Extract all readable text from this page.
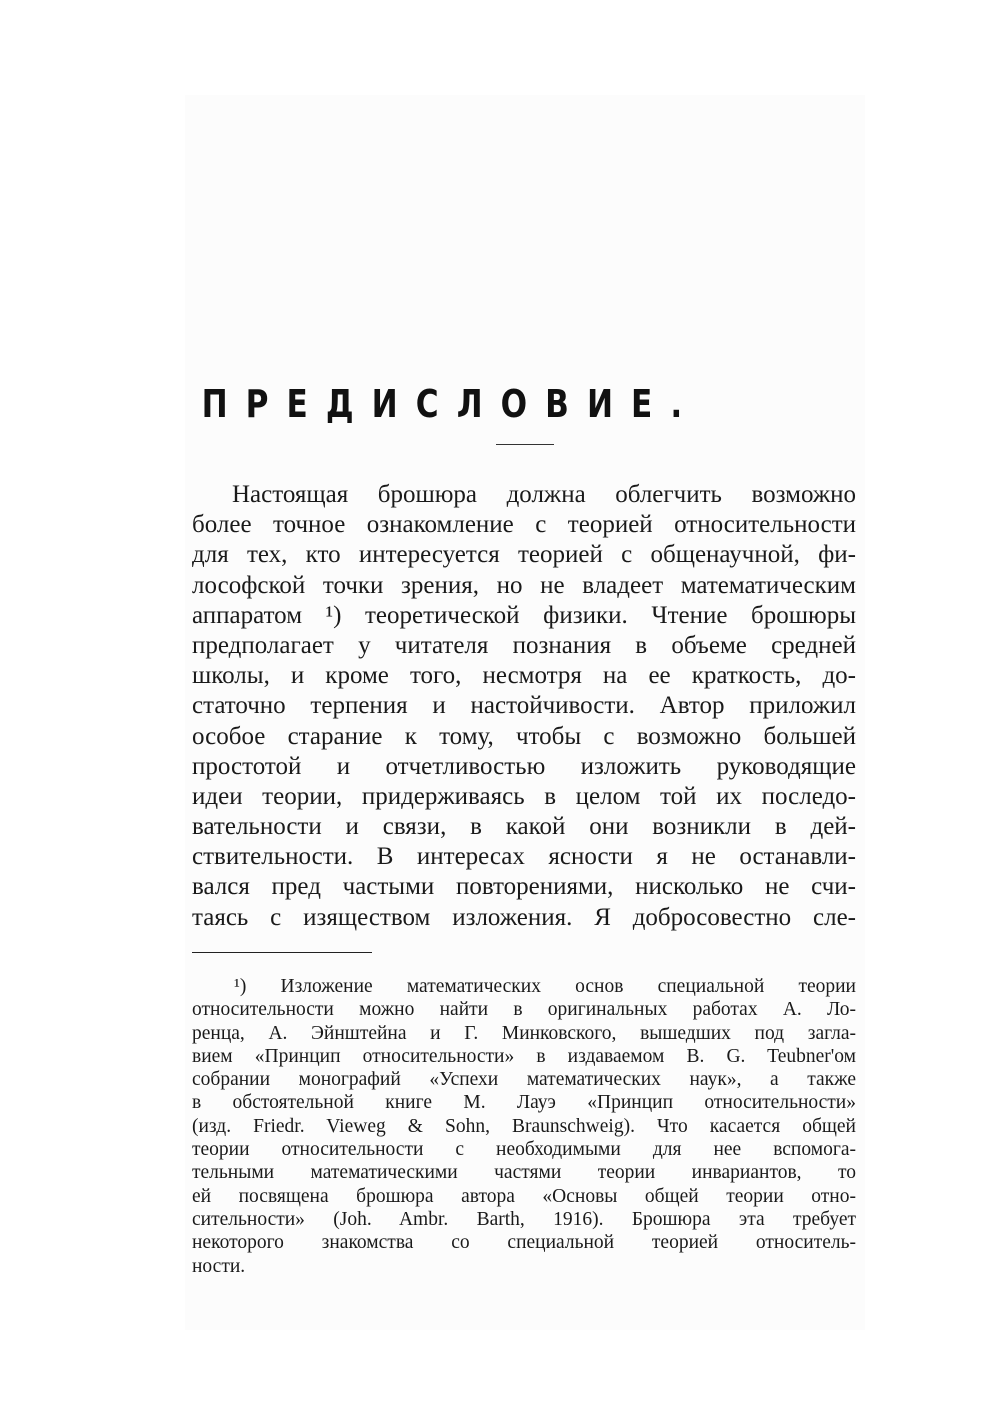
ПРЕДИСЛОВИЕ.
Настоящая брошюра должна облегчить возможно
более точное ознакомление с теорией относительности
для тех, кто интересуется теорией с общенаучной, фи-
лософской точки зрения, но не владеет математическим
аппаратом ¹) теоретической физики. Чтение брошюры
предполагает у читателя познания в объеме средней
школы, и кроме того, несмотря на ее краткость, до-
статочно терпения и настойчивости. Автор приложил
особое старание к тому, чтобы с возможно большей
простотой и отчетливостью изложить руководящие
идеи теории, придерживаясь в целом той их последо-
вательности и связи, в какой они возникли в дей-
ствительности. В интересах ясности я не останавли-
вался пред частыми повторениями, нисколько не счи-
таясь с изяществом изложения. Я добросовестно сле-
¹) Изложение математических основ специальной теории
относительности можно найти в оригинальных работах А. Ло-
ренца, А. Эйнштейна и Г. Минковского, вышедших под загла-
вием «Принцип относительности» в издаваемом B. G. Teubner'ом
собрании монографий «Успехи математических наук», а также
в обстоятельной книге М. Лауэ «Принцип относительности»
(изд. Friedr. Vieweg & Sohn, Braunschweig). Что касается общей
теории относительности с необходимыми для нее вспомога-
тельными математическими частями теории инвариантов, то
ей посвящена брошюра автора «Основы общей теории отно-
сительности» (Joh. Ambr. Barth, 1916). Брошюра эта требует
некоторого знакомства со специальной теорией относитель-
ности.
